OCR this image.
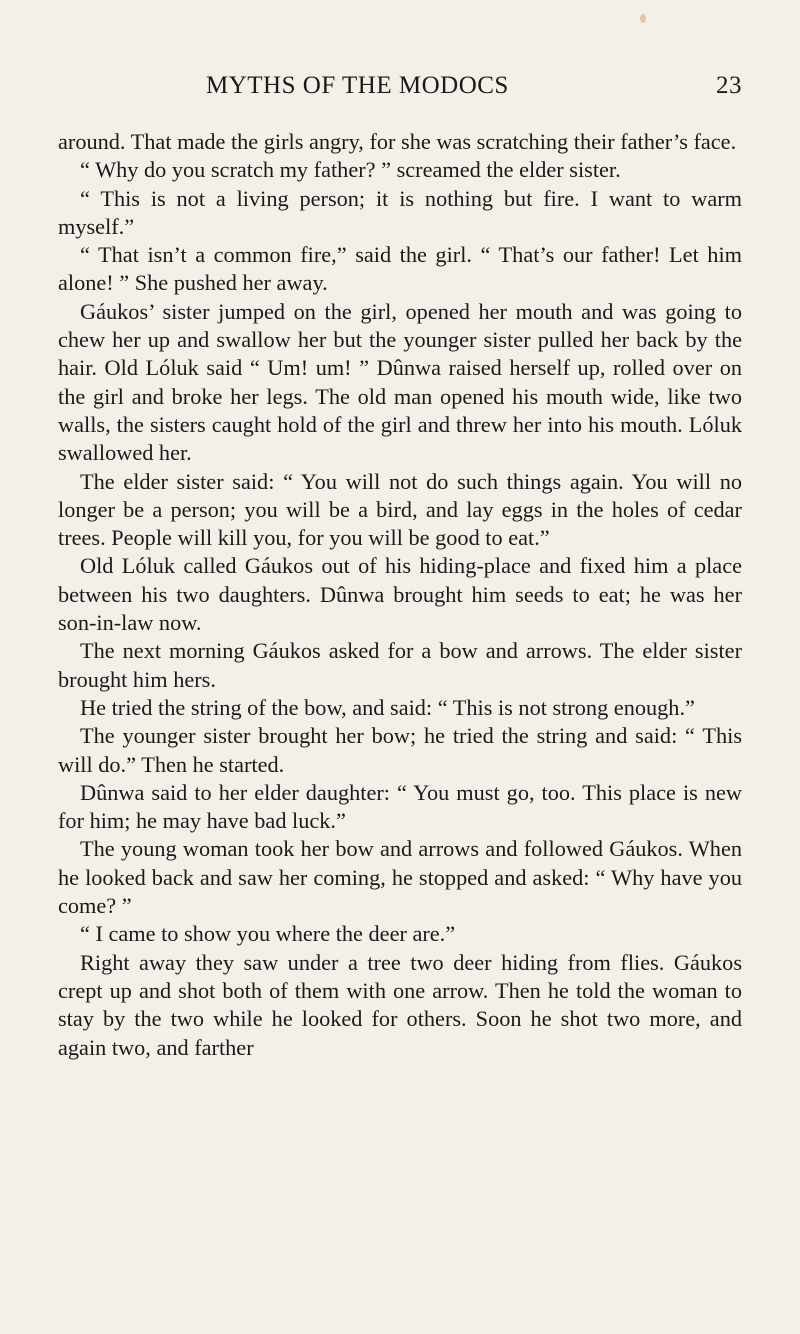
MYTHS OF THE MODOCS	23

around. That made the girls angry, for she was scratching their father’s face.

“ Why do you scratch my father? ” screamed the elder sister.

“ This is not a living person; it is nothing but fire. I want to warm myself.”

“ That isn’t a common fire,” said the girl. “ That’s our father! Let him alone! ” She pushed her away.

Gáukos’ sister jumped on the girl, opened her mouth and was going to chew her up and swallow her but the younger sister pulled her back by the hair. Old Lóluk said “ Um! um! ” Dûnwa raised herself up, rolled over on the girl and broke her legs. The old man opened his mouth wide, like two walls, the sisters caught hold of the girl and threw her into his mouth. Lóluk swallowed her.

The elder sister said: “ You will not do such things again. You will no longer be a person; you will be a bird, and lay eggs in the holes of cedar trees. People will kill you, for you will be good to eat.”

Old Lóluk called Gáukos out of his hiding-place and fixed him a place between his two daughters. Dûnwa brought him seeds to eat; he was her son-in-law now.

The next morning Gáukos asked for a bow and arrows. The elder sister brought him hers.

He tried the string of the bow, and said: “ This is not strong enough.”

The younger sister brought her bow; he tried the string and said: “ This will do.” Then he started.

Dûnwa said to her elder daughter: “ You must go, too. This place is new for him; he may have bad luck.”

The young woman took her bow and arrows and followed Gáukos. When he looked back and saw her coming, he stopped and asked: “ Why have you come? ”

“ I came to show you where the deer are.”

Right away they saw under a tree two deer hiding from flies. Gáukos crept up and shot both of them with one arrow. Then he told the woman to stay by the two while he looked for others. Soon he shot two more, and again two, and farther
